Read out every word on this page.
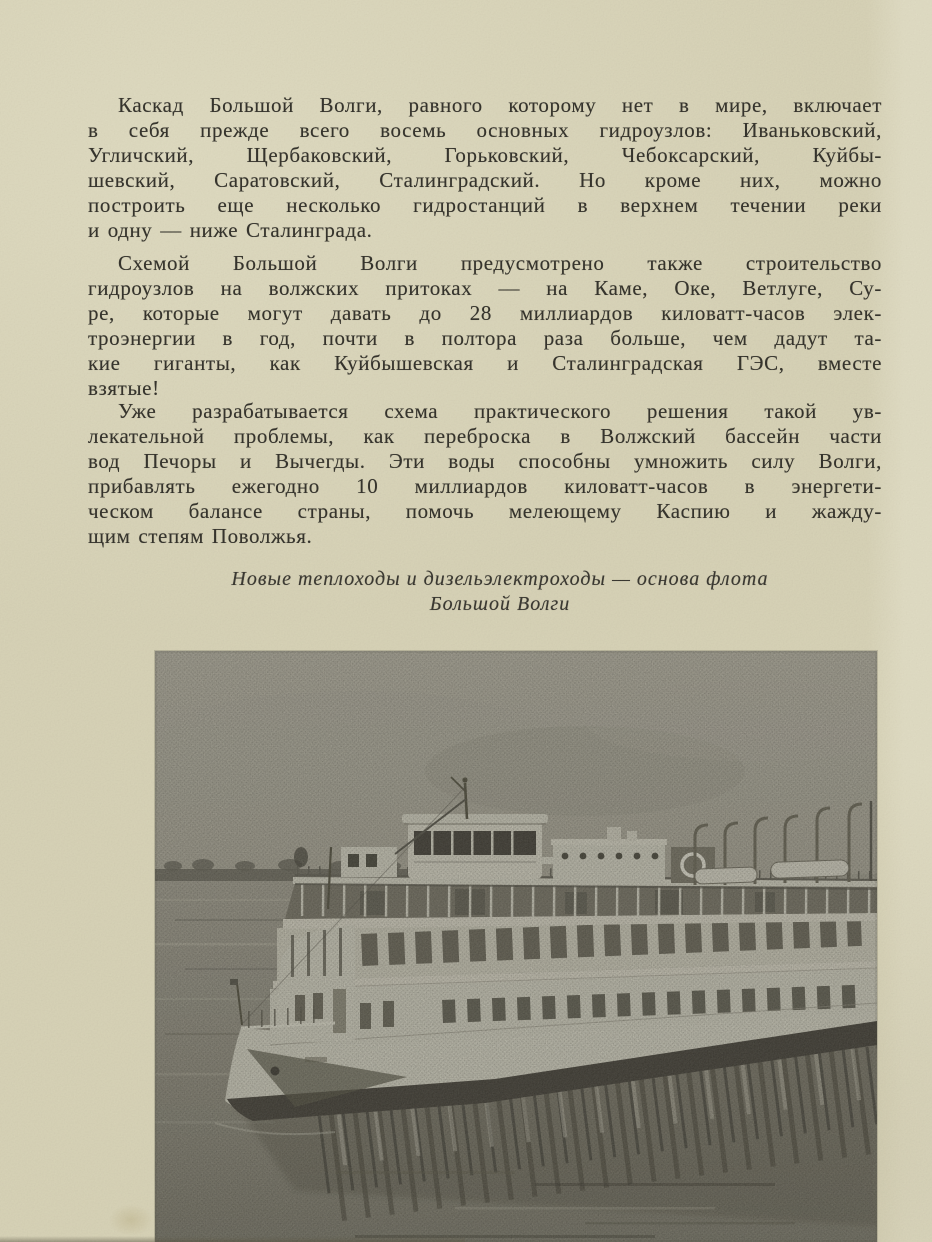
Каскад Большой Волги, равного которому нет в мире, включает
в себя прежде всего восемь основных гидроузлов: Иваньковский,
Угличский, Щербаковский, Горьковский, Чебоксарский, Куйбы-
шевский, Саратовский, Сталинградский. Но кроме них, можно
построить еще несколько гидростанций в верхнем течении реки
и одну — ниже Сталинграда.
Схемой Большой Волги предусмотрено также строительство
гидроузлов на волжских притоках — на Каме, Оке, Ветлуге, Су-
ре, которые могут давать до 28 миллиардов киловатт-часов элек-
троэнергии в год, почти в полтора раза больше, чем дадут та-
кие гиганты, как Куйбышевская и Сталинградская ГЭС, вместе
взятые!
Уже разрабатывается схема практического решения такой ув-
лекательной проблемы, как переброска в Волжский бассейн части
вод Печоры и Вычегды. Эти воды способны умножить силу Волги,
прибавлять ежегодно 10 миллиардов киловатт-часов в энергети-
ческом балансе страны, помочь мелеющему Каспию и жажду-
щим степям Поволжья.
Новые теплоходы и дизельэлектроходы — основа флота
Большой Волги
